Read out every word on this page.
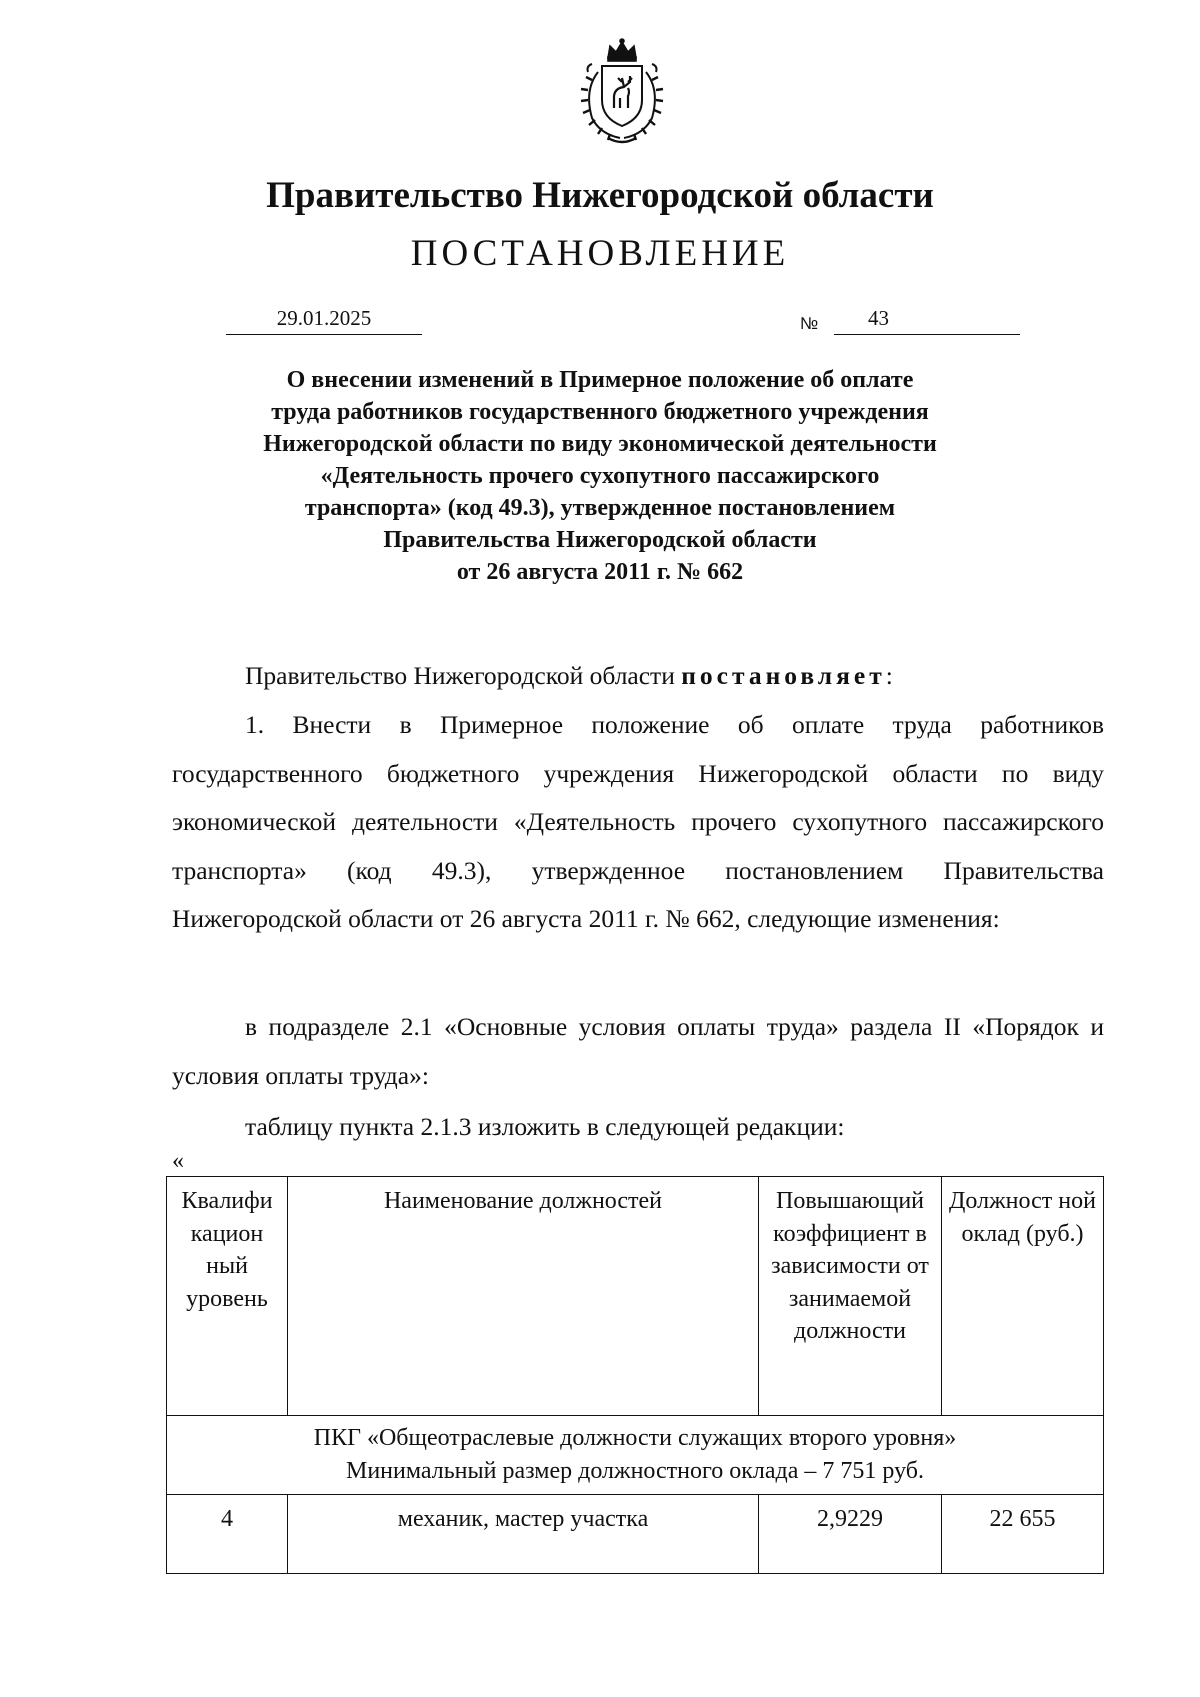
Правительство Нижегородской области
ПОСТАНОВЛЕНИЕ
29.01.2025	№ 43
О внесении изменений в Примерное положение об оплате
труда работников государственного бюджетного учреждения
Нижегородской области по виду экономической деятельности
«Деятельность прочего сухопутного пассажирского
транспорта» (код 49.3), утвержденное постановлением
Правительства Нижегородской области
от 26 августа 2011 г. № 662
Правительство Нижегородской области постановляет:
1. Внести в Примерное положение об оплате труда работников государственного бюджетного учреждения Нижегородской области по виду экономической деятельности «Деятельность прочего сухопутного пассажирского транспорта» (код 49.3), утвержденное постановлением Правительства Нижегородской области от 26 августа 2011 г. № 662, следующие изменения:
в подразделе 2.1 «Основные условия оплаты труда» раздела II «Порядок и условия оплаты труда»:
таблицу пункта 2.1.3 изложить в следующей редакции:
«
Квалифи кацион ный уровень	Наименование должностей	Повышающий коэффициент в зависимости от занимаемой должности	Должност ной оклад (руб.)

ПКГ «Общеотраслевые должности служащих второго уровня»
Минимальный размер должностного оклада – 7 751 руб.			

4	механик, мастер участка	2,9229	22 655
